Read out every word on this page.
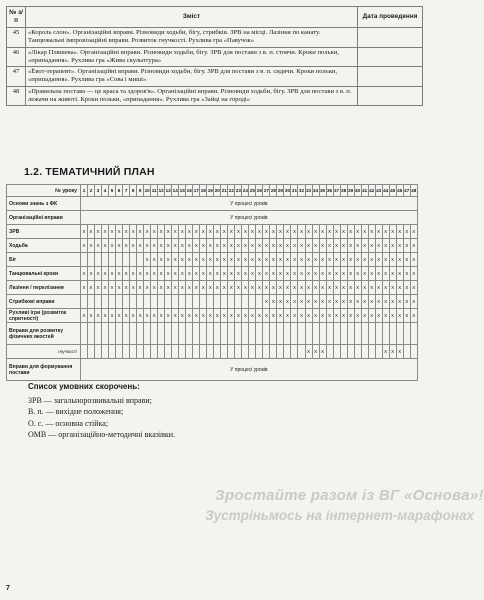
№ з/п	Зміст	Дата проведення
45	«Король слон». Організаційні вправи. Різновиди ходьби, бігу, стрибків. ЗРВ на місці. Лазіння по канату. Танцювальні імпровізаційні вправи. Розвиток гнучкості. Рухлива гра «Павучок»	
46	«Лікар Пляшева». Організаційні вправи. Різновиди ходьби, бігу. ЗРВ для постави з в. п. стоячи. Кроки польки, «припадання». Рухлива гра «Жива скульптура»	
47	«Ёвот-терапевт». Організаційні вправи. Різновиди ходьби, бігу. ЗРВ для постави з в. п. сидячи. Кроки польки, «припадання». Рухлива гра «Сова і миші»	
48	«Правильна постава — це краса та здоров'я». Організаційні вправи. Різновиди ходьби, бігу. ЗРВ для постави з в. п. лежачи на животі. Кроки польки, «припадання». Рухлива гра «Зайці на городі»	
1.2. ТЕМАТИЧНИЙ ПЛАН
№ уроку	1	2	3	4	5	6	7	8	9	10	11	12	13	14	15	16	17	18	19	20	21	22	23	24	25	26	27	28	29	30	31	32	33	34	35	36	37	38	39	40	41	42	43	44	45	46	47	48
Основи знань з ФК	У процесі уроків																																															
Організаційні вправи	У процесі уроків																																															
ЗРВ	X	X	X	X	X	X	X	X	X	X	X	X	X	X	X	X	X	X	X	X	X	X	X	X	X	X	X	X	X	X	X	X	X	X	X	X	X	X	X	X	X	X	X	X	X	X	X	X
Ходьба	X	X	X	X	X	X	X	X	X	X	X	X	X	X	X	X	X	X	X	X	X	X	X	X	X	X	X	X	X	X	X	X	X	X	X	X	X	X	X	X	X	X	X	X	X	X	X	X
Біг										X	X	X	X	X	X	X	X	X	X	X	X	X	X	X	X	X	X	X	X	X	X	X	X	X	X	X	X	X	X	X	X	X	X	X	X	X	X	X
Танцювальні кроки	X	X	X	X	X	X	X	X	X	X	X	X	X	X	X	X	X	X	X	X	X	X	X	X	X	X	X	X	X	X	X	X	X	X	X	X	X	X	X	X	X	X	X	X	X	X	X	X
Лазіння / перелізання	X	X	X	X	X	X	X	X	X	X	X	X	X	X	X	X	X	X	X	X	X	X	X	X	X	X	X	X	X	X	X	X	X	X	X	X	X	X	X	X	X	X	X	X	X	X	X	X
Стрибкові вправи																											X	X	X	X	X	X	X	X	X	X	X	X	X	X	X	X	X	X	X	X	X	X
Рухливі ігри (розвиток спритності)	X	X	X	X	X	X	X	X	X	X	X	X	X	X	X	X	X	X	X	X	X	X	X	X	X	X	X	X	X	X	X	X	X	X	X	X	X	X	X	X	X	X	X	X	X	X	X	X
Вправи для розвитку фізичних якостей																																																
гнучкості																																	X	X	X									X	X	X		
Вправи для формування постави	У процесі уроків																																															
Список умовних скорочень:
ЗРВ — загальнорозвивальні вправи;
В. п. — вихідне положення;
О. с. — основна стійка;
ОМВ — організаційно-методичні вказівки.
Зростайте разом із ВГ «Основа»!
Зустріньмось на інтернет-марафонах
7
